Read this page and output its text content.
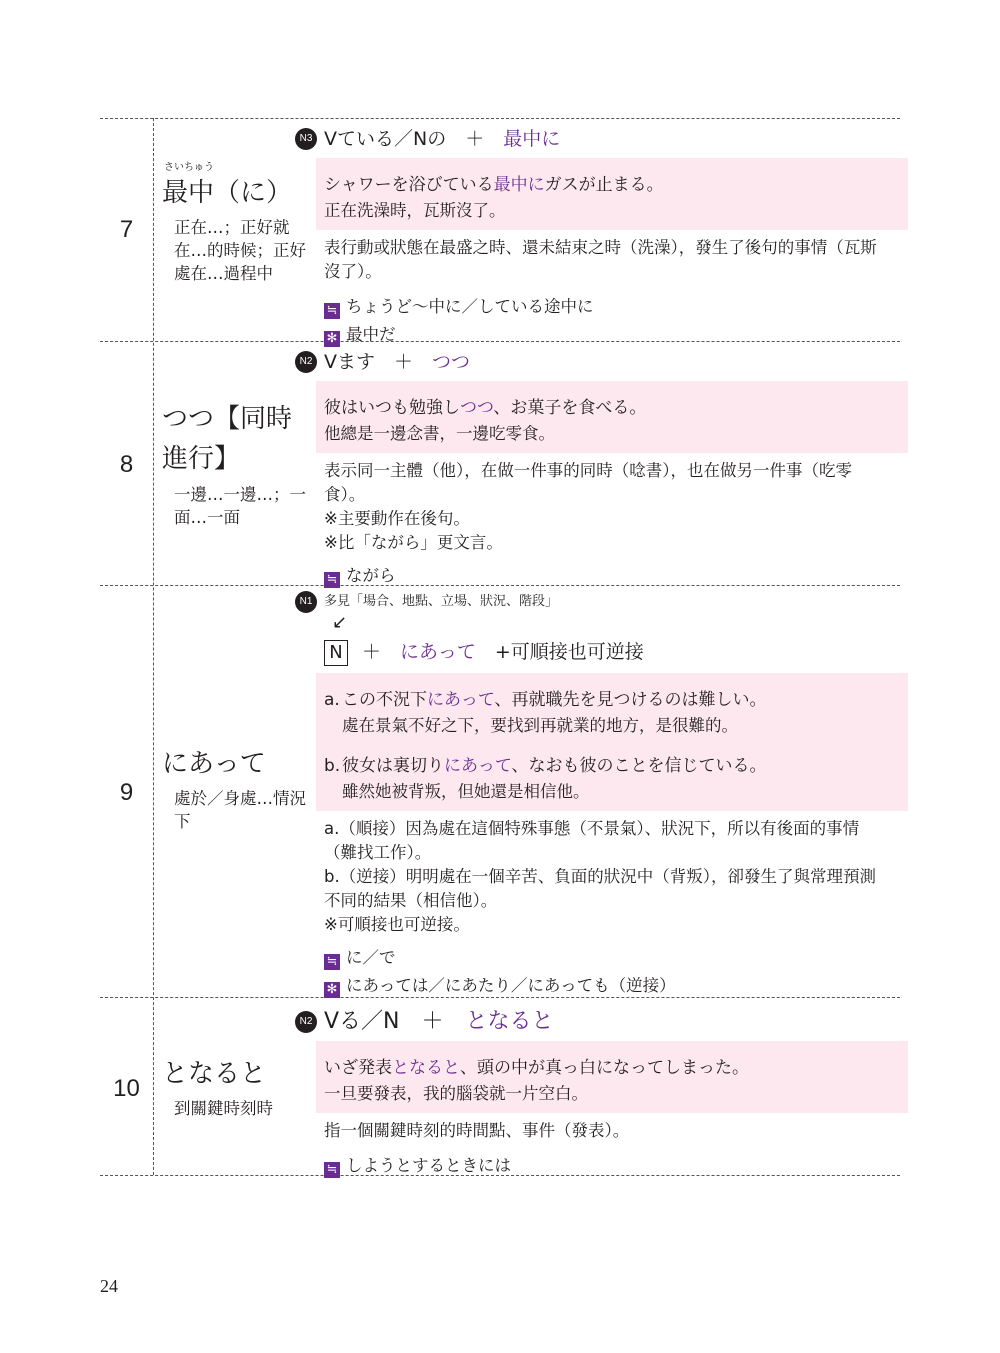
7
さいちゅう
最中（に）
正在…；正好就在…的時候；正好處在…過程中
N3 Vている／Nの　＋　最中に
シャワーを浴びている最中にガスが止まる。
正在洗澡時，瓦斯沒了。
表行動或狀態在最盛之時、還未結束之時（洗澡），發生了後句的事情（瓦斯沒了）。
≒ ちょうど～中に／している途中に
✻ 最中だ
8
つつ【同時進行】
一邊…一邊…；一面…一面
N2 Vます　＋　つつ
彼はいつも勉強しつつ、お菓子を食べる。
他總是一邊念書，一邊吃零食。
表示同一主體（他），在做一件事的同時（唸書），也在做另一件事（吃零食）。
※主要動作在後句。
※比「ながら」更文言。
≒ ながら
9
にあって
處於／身處…情況下
N1 多見「場合、地點、立場、狀況、階段」
↙
N ＋　にあって　+可順接也可逆接
a. この不況下にあって、再就職先を見つけるのは難しい。
處在景氣不好之下，要找到再就業的地方，是很難的。
b. 彼女は裏切りにあって、なおも彼のことを信じている。
雖然她被背叛，但她還是相信他。
a.（順接）因為處在這個特殊事態（不景氣）、狀況下，所以有後面的事情（難找工作）。
b.（逆接）明明處在一個辛苦、負面的狀況中（背叛），卻發生了與常理預測不同的結果（相信他）。
※可順接也可逆接。
≒ に／で
✻ にあっては／にあたり／にあっても（逆接）
10 となると
到關鍵時刻時
N2 Vる／N　＋　となると
いざ発表となると、頭の中が真っ白になってしまった。
一旦要發表，我的腦袋就一片空白。
指一個關鍵時刻的時間點、事件（發表）。
≒ しようとするときには
24
